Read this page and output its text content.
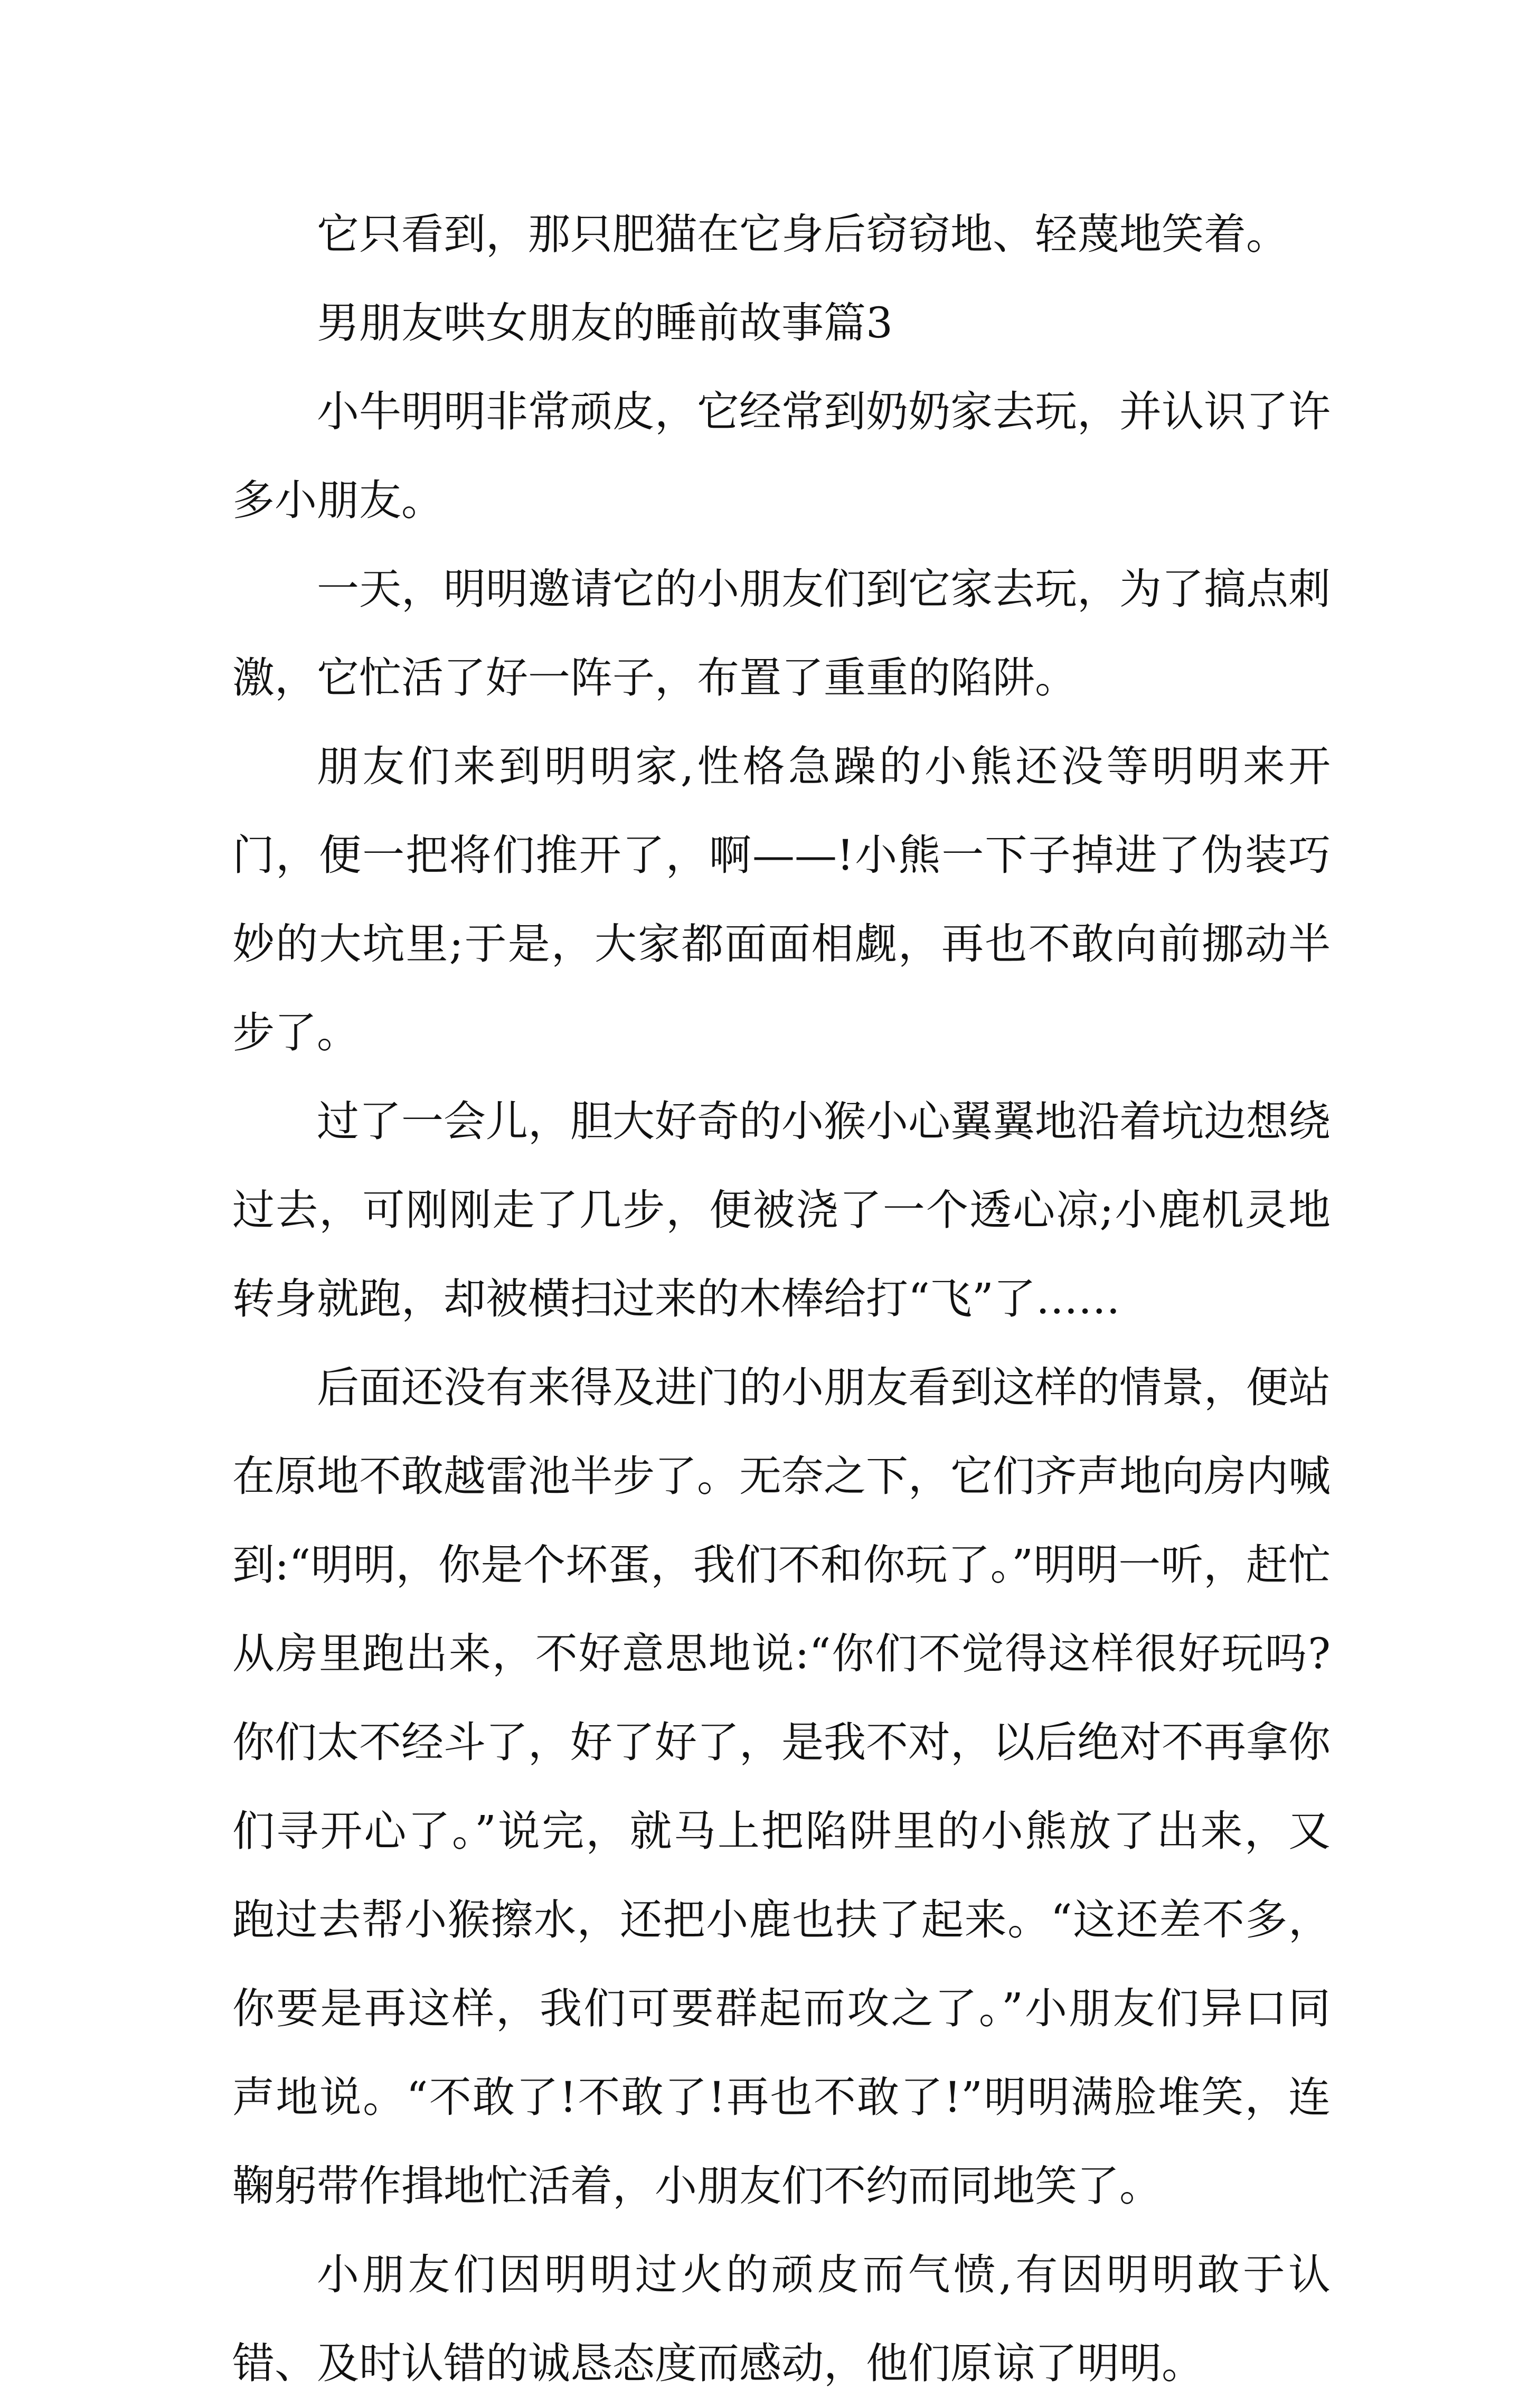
它只看到，那只肥猫在它身后窃窃地、轻蔑地笑着。

男朋友哄女朋友的睡前故事篇3

小牛明明非常顽皮，它经常到奶奶家去玩，并认识了许多小朋友。

一天，明明邀请它的小朋友们到它家去玩，为了搞点刺激，它忙活了好一阵子，布置了重重的陷阱。

朋友们来到明明家,性格急躁的小熊还没等明明来开门，便一把将们推开了，啊——!小熊一下子掉进了伪装巧妙的大坑里;于是，大家都面面相觑，再也不敢向前挪动半步了。

过了一会儿，胆大好奇的小猴小心翼翼地沿着坑边想绕过去，可刚刚走了几步，便被浇了一个透心凉;小鹿机灵地转身就跑，却被横扫过来的木棒给打“飞”了……

后面还没有来得及进门的小朋友看到这样的情景，便站在原地不敢越雷池半步了。无奈之下，它们齐声地向房内喊到:“明明，你是个坏蛋，我们不和你玩了。”明明一听，赶忙从房里跑出来，不好意思地说:“你们不觉得这样很好玩吗?你们太不经斗了，好了好了，是我不对，以后绝对不再拿你们寻开心了。”说完，就马上把陷阱里的小熊放了出来，又跑过去帮小猴擦水，还把小鹿也扶了起来。“这还差不多，你要是再这样，我们可要群起而攻之了。”小朋友们异口同声地说。“不敢了!不敢了!再也不敢了!”明明满脸堆笑，连鞠躬带作揖地忙活着，小朋友们不约而同地笑了。

小朋友们因明明过火的顽皮而气愤,有因明明敢于认错、及时认错的诚恳态度而感动，他们原谅了明明。
